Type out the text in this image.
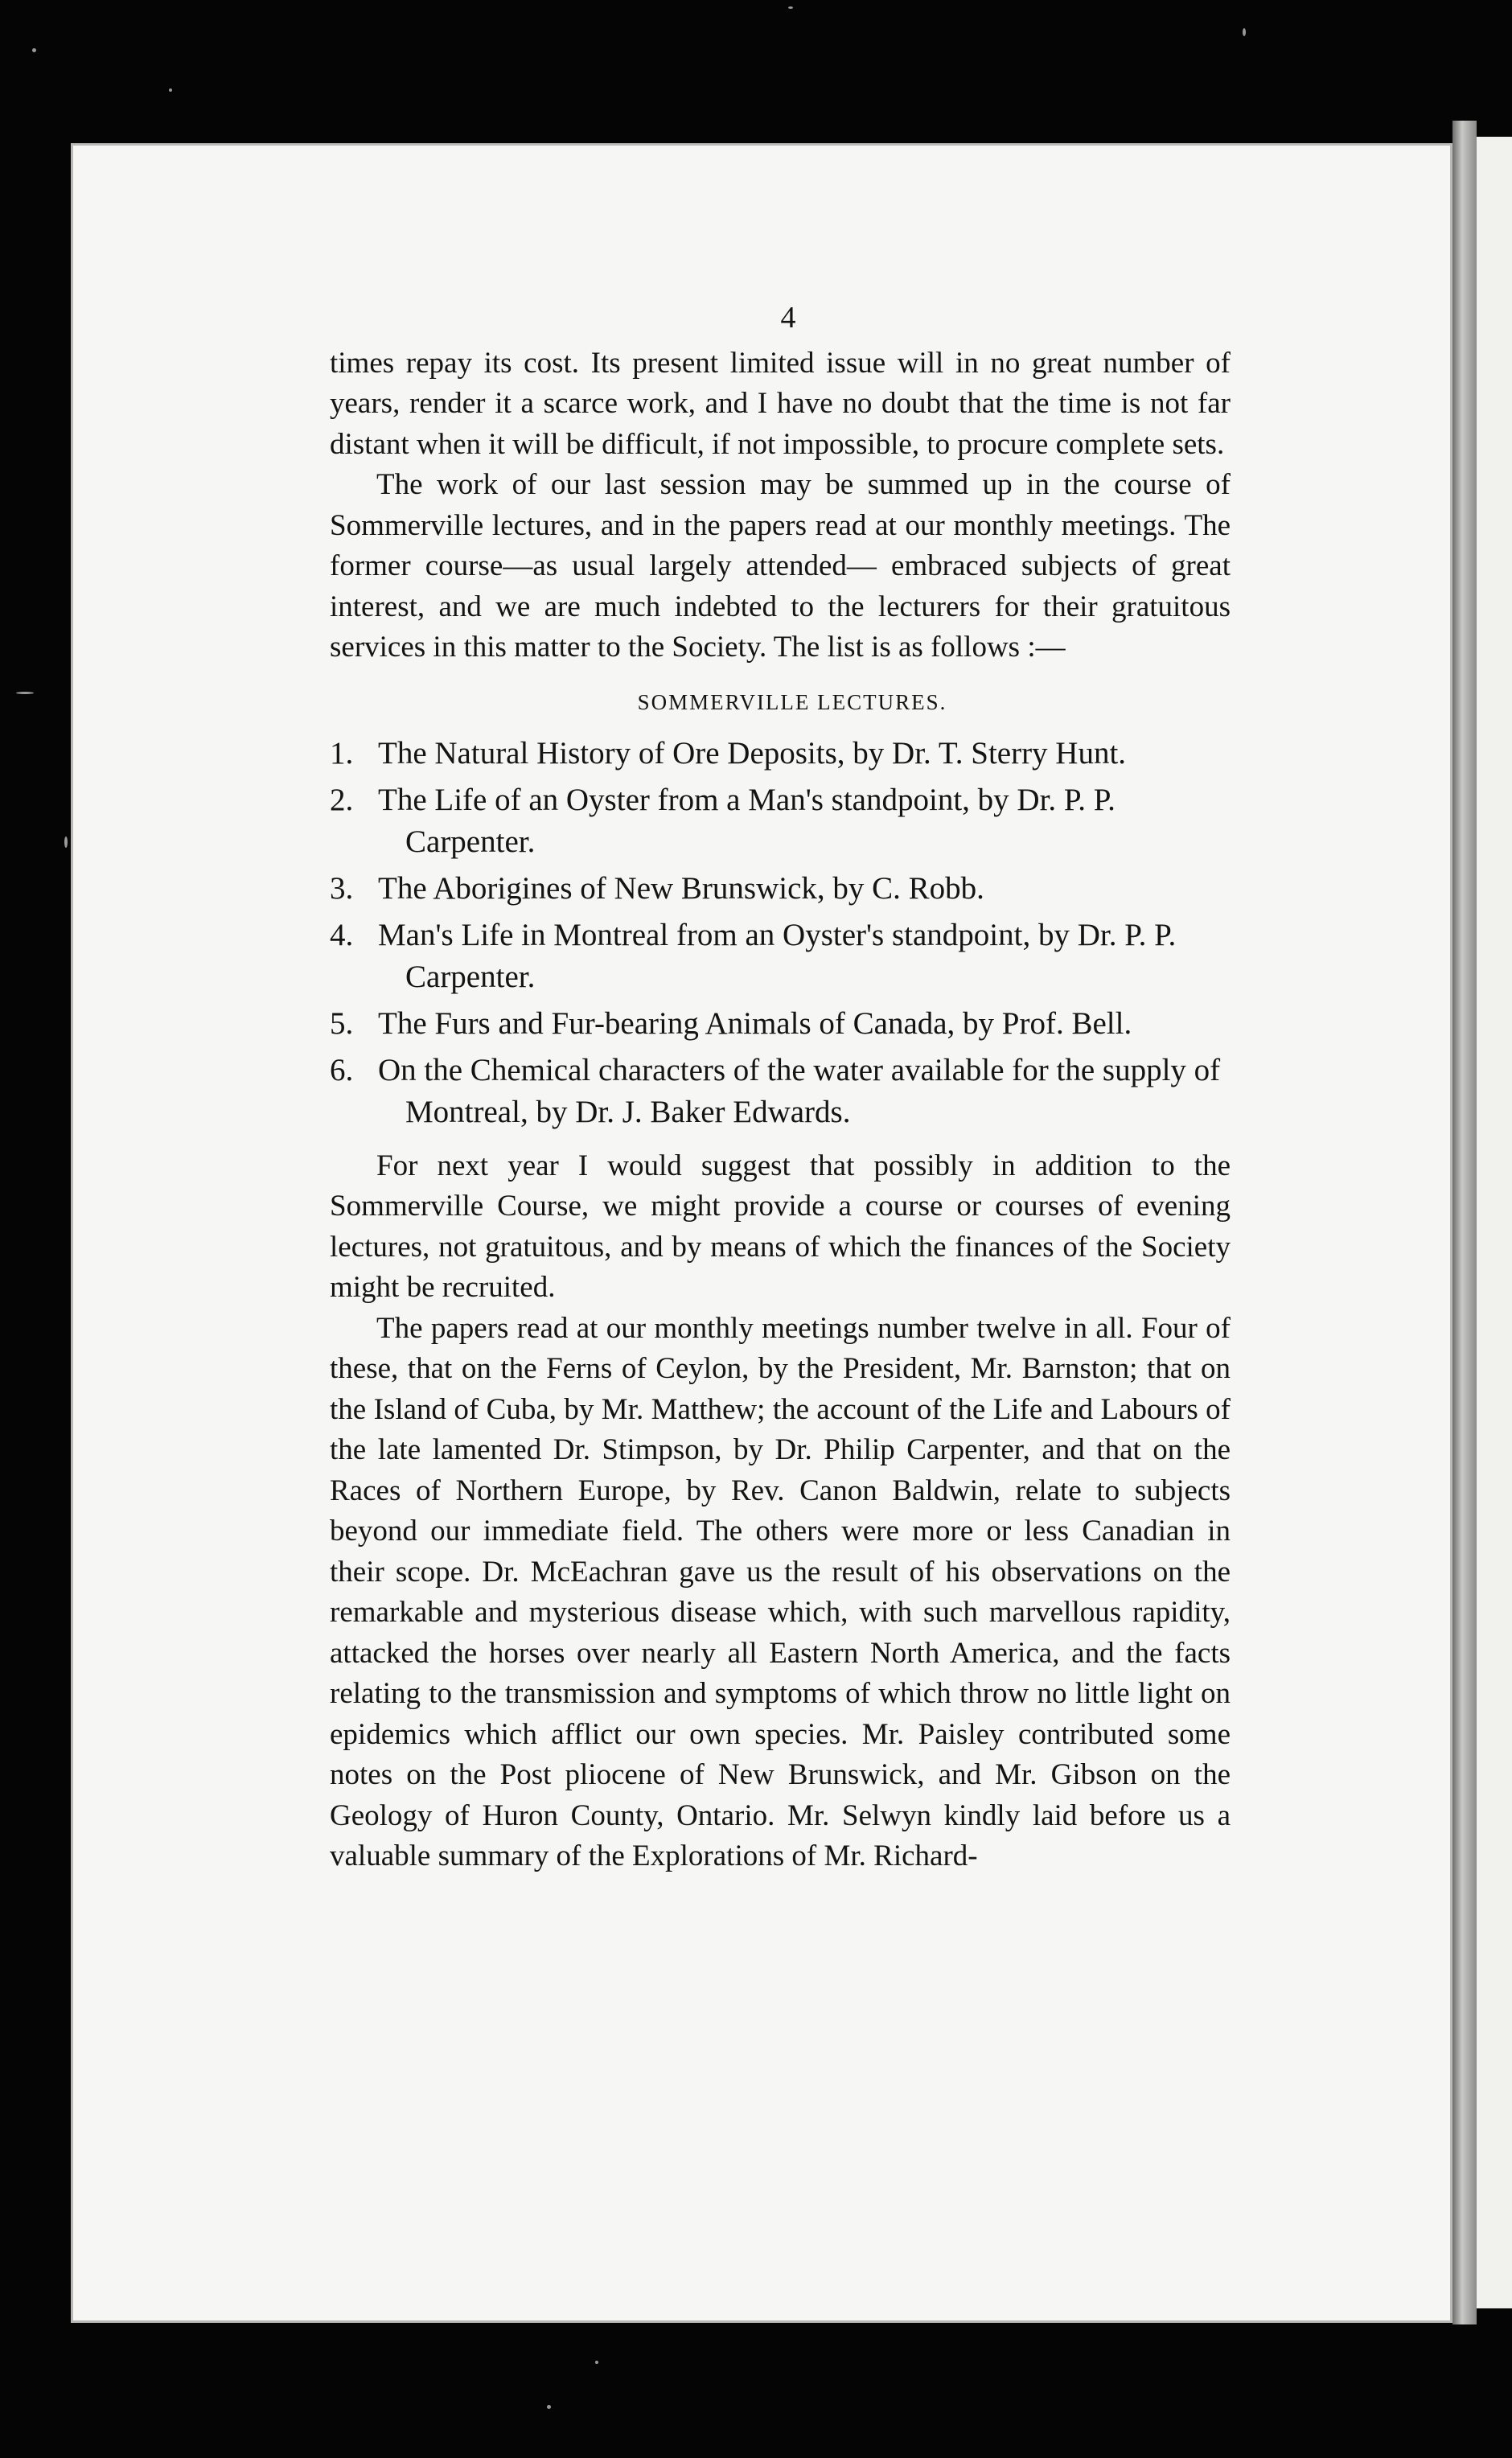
4

times repay its cost. Its present limited issue will in no great number of years, render it a scarce work, and I have no doubt that the time is not far distant when it will be difficult, if not impossible, to procure complete sets.

The work of our last session may be summed up in the course of Sommerville lectures, and in the papers read at our monthly meetings. The former course—as usual largely attended— embraced subjects of great interest, and we are much indebted to the lecturers for their gratuitous services in this matter to the Society. The list is as follows :—

SOMMERVILLE LECTURES.
1. The Natural History of Ore Deposits, by Dr. T. Sterry Hunt.
2. The Life of an Oyster from a Man's standpoint, by Dr. P. P. Carpenter.
3. The Aborigines of New Brunswick, by C. Robb.
4. Man's Life in Montreal from an Oyster's standpoint, by Dr. P. P. Carpenter.
5. The Furs and Fur-bearing Animals of Canada, by Prof. Bell.
6. On the Chemical characters of the water available for the supply of Montreal, by Dr. J. Baker Edwards.

For next year I would suggest that possibly in addition to the Sommerville Course, we might provide a course or courses of evening lectures, not gratuitous, and by means of which the finances of the Society might be recruited.

The papers read at our monthly meetings number twelve in all. Four of these, that on the Ferns of Ceylon, by the President, Mr. Barnston; that on the Island of Cuba, by Mr. Matthew; the account of the Life and Labours of the late lamented Dr. Stimpson, by Dr. Philip Carpenter, and that on the Races of Northern Europe, by Rev. Canon Baldwin, relate to subjects beyond our immediate field. The others were more or less Canadian in their scope. Dr. McEachran gave us the result of his observations on the remarkable and mysterious disease which, with such marvellous rapidity, attacked the horses over nearly all Eastern North America, and the facts relating to the transmission and symptoms of which throw no little light on epidemics which afflict our own species. Mr. Paisley contributed some notes on the Post pliocene of New Brunswick, and Mr. Gibson on the Geology of Huron County, Ontario. Mr. Selwyn kindly laid before us a valuable summary of the Explorations of Mr. Richard-
